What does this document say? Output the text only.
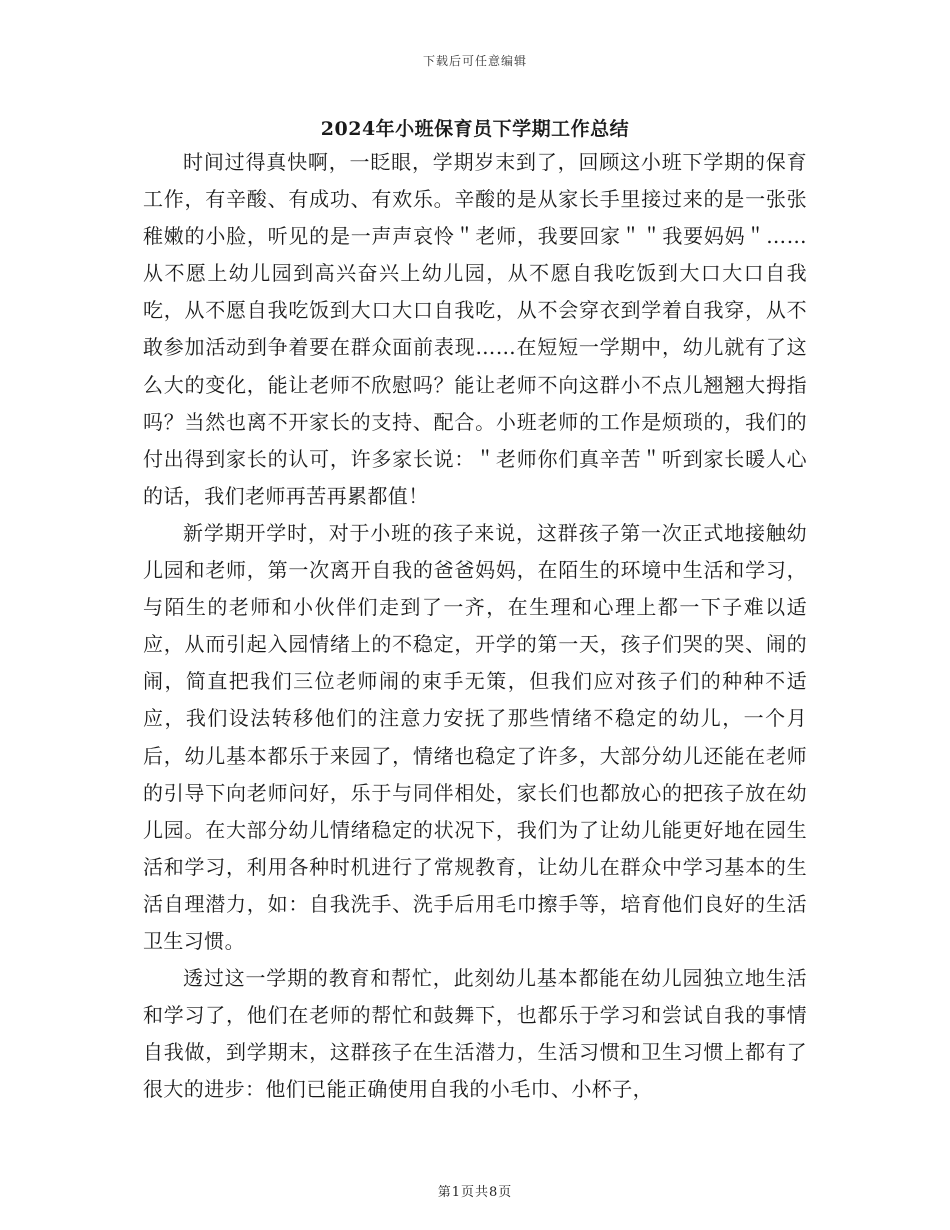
下载后可任意编辑
2024年小班保育员下学期工作总结

时间过得真快啊，一眨眼，学期岁末到了，回顾这小班下学期的保育工作，有辛酸、有成功、有欢乐。辛酸的是从家长手里接过来的是一张张稚嫩的小脸，听见的是一声声哀怜＂老师，我要回家＂＂我要妈妈＂……从不愿上幼儿园到高兴奋兴上幼儿园，从不愿自我吃饭到大口大口自我吃，从不愿自我吃饭到大口大口自我吃，从不会穿衣到学着自我穿，从不敢参加活动到争着要在群众面前表现……在短短一学期中，幼儿就有了这么大的变化，能让老师不欣慰吗？能让老师不向这群小不点儿翘翘大拇指吗？当然也离不开家长的支持、配合。小班老师的工作是烦琐的，我们的付出得到家长的认可，许多家长说：＂老师你们真辛苦＂听到家长暖人心的话，我们老师再苦再累都值！

新学期开学时，对于小班的孩子来说，这群孩子第一次正式地接触幼儿园和老师，第一次离开自我的爸爸妈妈，在陌生的环境中生活和学习，与陌生的老师和小伙伴们走到了一齐，在生理和心理上都一下子难以适应，从而引起入园情绪上的不稳定，开学的第一天，孩子们哭的哭、闹的闹，简直把我们三位老师闹的束手无策，但我们应对孩子们的种种不适应，我们设法转移他们的注意力安抚了那些情绪不稳定的幼儿，一个月后，幼儿基本都乐于来园了，情绪也稳定了许多，大部分幼儿还能在老师的引导下向老师问好，乐于与同伴相处，家长们也都放心的把孩子放在幼儿园。在大部分幼儿情绪稳定的状况下，我们为了让幼儿能更好地在园生活和学习，利用各种时机进行了常规教育，让幼儿在群众中学习基本的生活自理潜力，如：自我洗手、洗手后用毛巾擦手等，培育他们良好的生活卫生习惯。

透过这一学期的教育和帮忙，此刻幼儿基本都能在幼儿园独立地生活和学习了，他们在老师的帮忙和鼓舞下，也都乐于学习和尝试自我的事情自我做，到学期末，这群孩子在生活潜力，生活习惯和卫生习惯上都有了很大的进步：他们已能正确使用自我的小毛巾、小杯子，

第1页共8页
